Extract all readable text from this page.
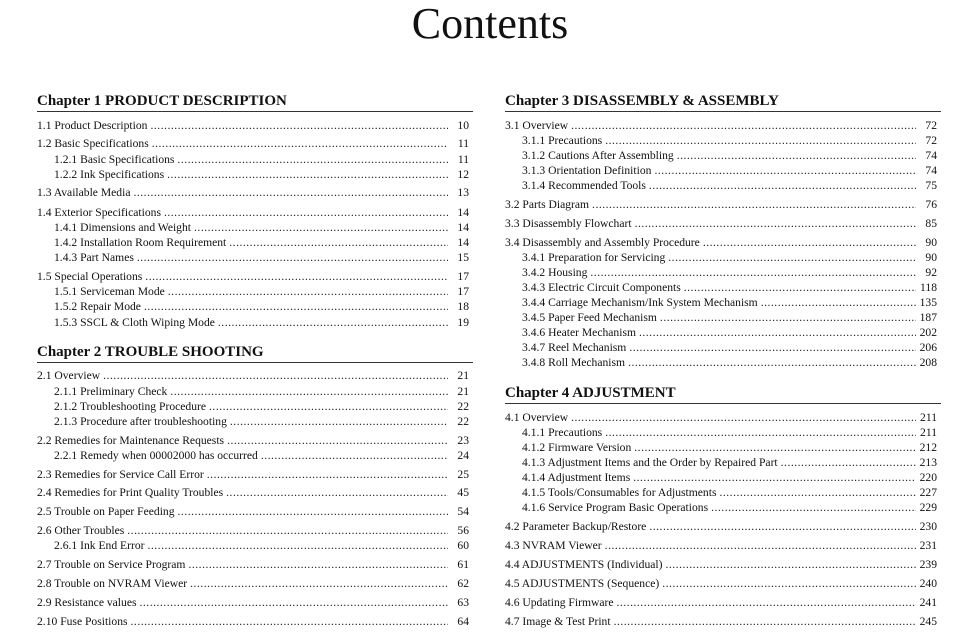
Contents
Chapter 1 PRODUCT DESCRIPTION
1.1 Product Description .....	10
1.2 Basic Specifications .....	11
1.2.1 Basic Specifications .....	11
1.2.2 Ink Specifications .....	12
1.3 Available Media .....	13
1.4 Exterior Specifications .....	14
1.4.1 Dimensions and Weight .....	14
1.4.2 Installation Room Requirement .....	14
1.4.3 Part Names .....	15
1.5 Special Operations .....	17
1.5.1 Serviceman Mode .....	17
1.5.2 Repair Mode .....	18
1.5.3 SSCL & Cloth Wiping Mode .....	19
Chapter 2 TROUBLE SHOOTING
2.1 Overview .....	21
2.1.1 Preliminary Check .....	21
2.1.2 Troubleshooting Procedure .....	22
2.1.3 Procedure after troubleshooting .....	22
2.2 Remedies for Maintenance Requests .....	23
2.2.1 Remedy when 00002000 has occurred .....	24
2.3 Remedies for Service Call Error .....	25
2.4 Remedies for Print Quality Troubles .....	45
2.5 Trouble on Paper Feeding .....	54
2.6 Other Troubles .....	56
2.6.1 Ink End Error .....	60
2.7 Trouble on Service Program .....	61
2.8 Trouble on NVRAM Viewer .....	62
2.9 Resistance values .....	63
2.10 Fuse Positions .....	64
Chapter 3 DISASSEMBLY & ASSEMBLY
3.1 Overview .....	72
3.1.1 Precautions .....	72
3.1.2 Cautions After Assembling .....	74
3.1.3 Orientation Definition .....	74
3.1.4 Recommended Tools .....	75
3.2 Parts Diagram .....	76
3.3 Disassembly Flowchart .....	85
3.4 Disassembly and Assembly Procedure .....	90
3.4.1 Preparation for Servicing .....	90
3.4.2 Housing .....	92
3.4.3 Electric Circuit Components .....	118
3.4.4 Carriage Mechanism/Ink System Mechanism .....	135
3.4.5 Paper Feed Mechanism .....	187
3.4.6 Heater Mechanism .....	202
3.4.7 Reel Mechanism .....	206
3.4.8 Roll Mechanism .....	208
Chapter 4 ADJUSTMENT
4.1 Overview .....	211
4.1.1 Precautions .....	211
4.1.2 Firmware Version .....	212
4.1.3 Adjustment Items and the Order by Repaired Part .....	213
4.1.4 Adjustment Items .....	220
4.1.5 Tools/Consumables for Adjustments .....	227
4.1.6 Service Program Basic Operations .....	229
4.2 Parameter Backup/Restore .....	230
4.3 NVRAM Viewer .....	231
4.4 ADJUSTMENTS (Individual) .....	239
4.5 ADJUSTMENTS (Sequence) .....	240
4.6 Updating Firmware .....	241
4.7 Image & Test Print .....	245
